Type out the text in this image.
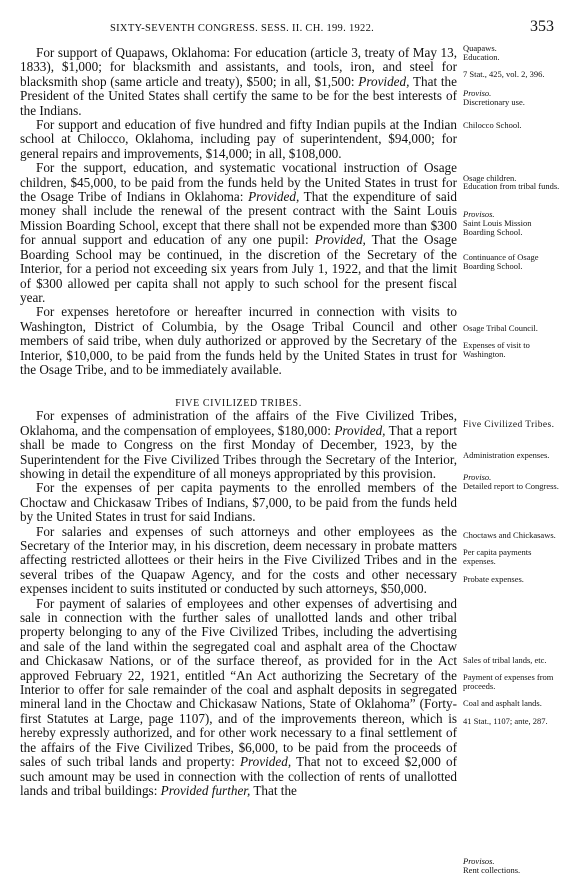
SIXTY-SEVENTH CONGRESS. SESS. II. CH. 199. 1922.	353

For support of Quapaws, Oklahoma: For education (article 3, treaty of May 13, 1833), $1,000; for blacksmith and assistants, and tools, iron, and steel for blacksmith shop (same article and treaty), $500; in all, $1,500: Provided, That the President of the United States shall certify the same to be for the best interests of the Indians.

For support and education of five hundred and fifty Indian pupils at the Indian school at Chilocco, Oklahoma, including pay of superintendent, $94,000; for general repairs and improvements, $14,000; in all, $108,000.

For the support, education, and systematic vocational instruction of Osage children, $45,000, to be paid from the funds held by the United States in trust for the Osage Tribe of Indians in Oklahoma: Provided, That the expenditure of said money shall include the renewal of the present contract with the Saint Louis Mission Boarding School, except that there shall not be expended more than $300 for annual support and education of any one pupil: Provided, That the Osage Boarding School may be continued, in the discretion of the Secretary of the Interior, for a period not exceeding six years from July 1, 1922, and that the limit of $300 allowed per capita shall not apply to such school for the present fiscal year.

For expenses heretofore or hereafter incurred in connection with visits to Washington, District of Columbia, by the Osage Tribal Council and other members of said tribe, when duly authorized or approved by the Secretary of the Interior, $10,000, to be paid from the funds held by the United States in trust for the Osage Tribe, and to be immediately available.

FIVE CIVILIZED TRIBES.

For expenses of administration of the affairs of the Five Civilized Tribes, Oklahoma, and the compensation of employees, $180,000: Provided, That a report shall be made to Congress on the first Monday of December, 1923, by the Superintendent for the Five Civilized Tribes through the Secretary of the Interior, showing in detail the expenditure of all moneys appropriated by this provision.

For the expenses of per capita payments to the enrolled members of the Choctaw and Chickasaw Tribes of Indians, $7,000, to be paid from the funds held by the United States in trust for said Indians.

For salaries and expenses of such attorneys and other employees as the Secretary of the Interior may, in his discretion, deem necessary in probate matters affecting restricted allottees or their heirs in the Five Civilized Tribes and in the several tribes of the Quapaw Agency, and for the costs and other necessary expenses incident to suits instituted or conducted by such attorneys, $50,000.

For payment of salaries of employees and other expenses of advertising and sale in connection with the further sales of unallotted lands and other tribal property belonging to any of the Five Civilized Tribes, including the advertising and sale of the land within the segregated coal and asphalt area of the Choctaw and Chickasaw Nations, or of the surface thereof, as provided for in the Act approved February 22, 1921, entitled “An Act authorizing the Secretary of the Interior to offer for sale remainder of the coal and asphalt deposits in segregated mineral land in the Choctaw and Chickasaw Nations, State of Oklahoma” (Forty-first Statutes at Large, page 1107), and of the improvements thereon, which is hereby expressly authorized, and for other work necessary to a final settlement of the affairs of the Five Civilized Tribes, $6,000, to be paid from the proceeds of sales of such tribal lands and property: Provided, That not to exceed $2,000 of such amount may be used in connection with the collection of rents of unallotted lands and tribal buildings: Provided further, That the

Quapaws.
Education.
7 Stat., 425, vol. 2, 396.
Proviso.
Discretionary use.
Chilocco School.
Osage children.
Education from tribal funds.
Provisos.
Saint Louis Mission Boarding School.
Continuance of Osage Boarding School.
Osage Tribal Council.
Expenses of visit to Washington.
Five Civilized Tribes.
Administration expenses.
Proviso.
Detailed report to Congress.
Choctaws and Chickasaws.
Per capita payments expenses.
Probate expenses.
Sales of tribal lands, etc.
Payment of expenses from proceeds.
Coal and asphalt lands.
41 Stat., 1107; ante, 287.
Provisos.
Rent collections.
